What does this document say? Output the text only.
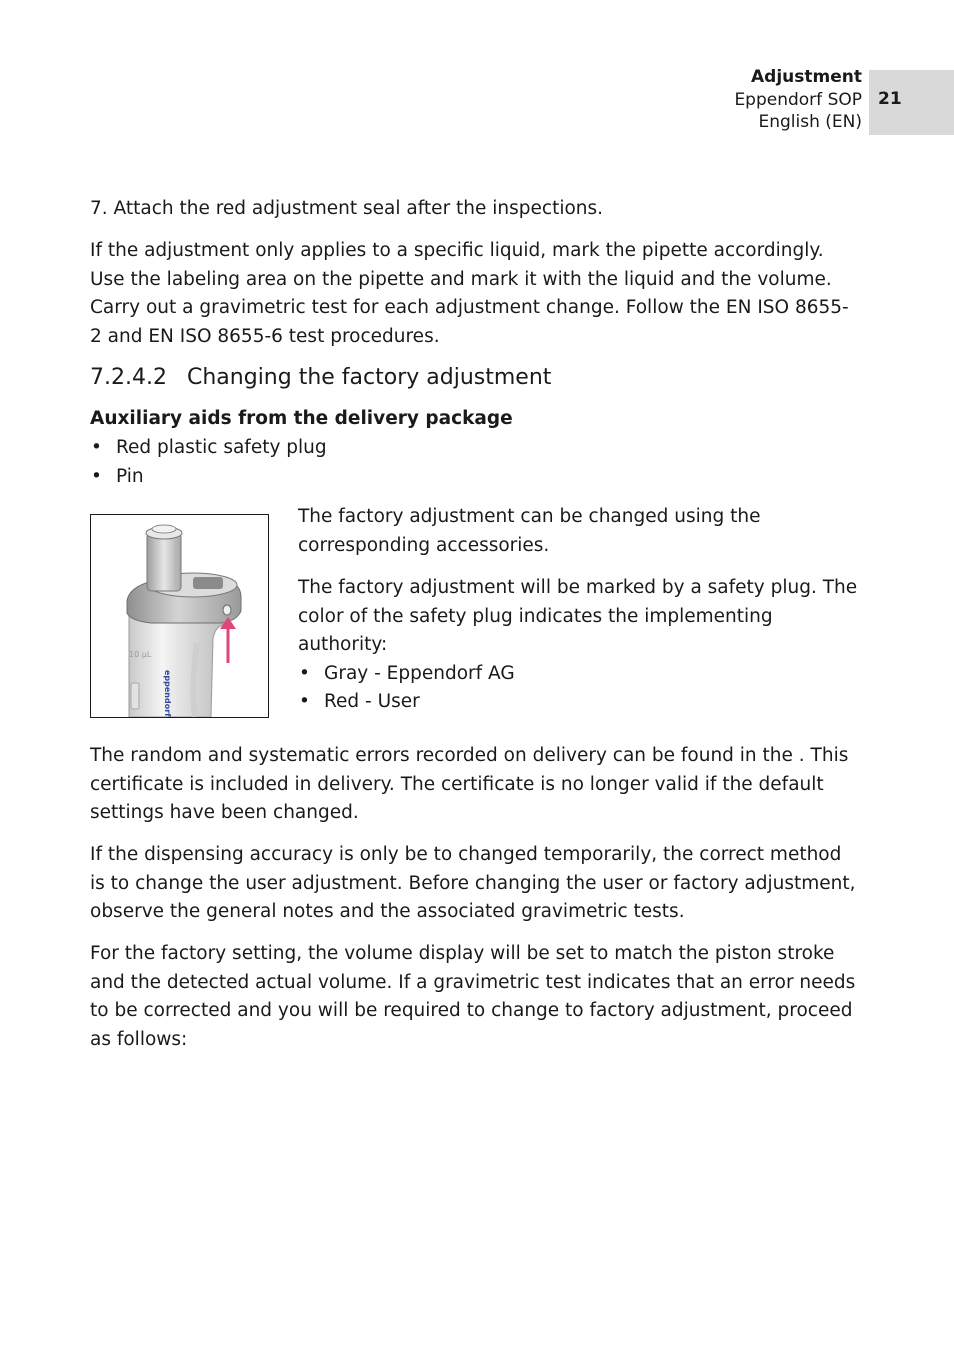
Adjustment
Eppendorf SOP
English (EN)
21

7. Attach the red adjustment seal after the inspections.

If the adjustment only applies to a specific liquid, mark the pipette accordingly. Use the labeling area on the pipette and mark it with the liquid and the volume. Carry out a gravimetric test for each adjustment change. Follow the EN ISO 8655-2 and EN ISO 8655-6 test procedures.

7.2.4.2 Changing the factory adjustment

Auxiliary aids from the delivery package

• Red plastic safety plug
• Pin
10 µL
eppendorf

The factory adjustment can be changed using the corresponding accessories.

The factory adjustment will be marked by a safety plug. The color of the safety plug indicates the implementing authority:

• Gray - Eppendorf AG
• Red - User

The random and systematic errors recorded on delivery can be found in the . This certificate is included in delivery. The certificate is no longer valid if the default settings have been changed.

If the dispensing accuracy is only be to changed temporarily, the correct method is to change the user adjustment. Before changing the user or factory adjustment, observe the general notes and the associated gravimetric tests.

For the factory setting, the volume display will be set to match the piston stroke and the detected actual volume. If a gravimetric test indicates that an error needs to be corrected and you will be required to change to factory adjustment, proceed as follows:
